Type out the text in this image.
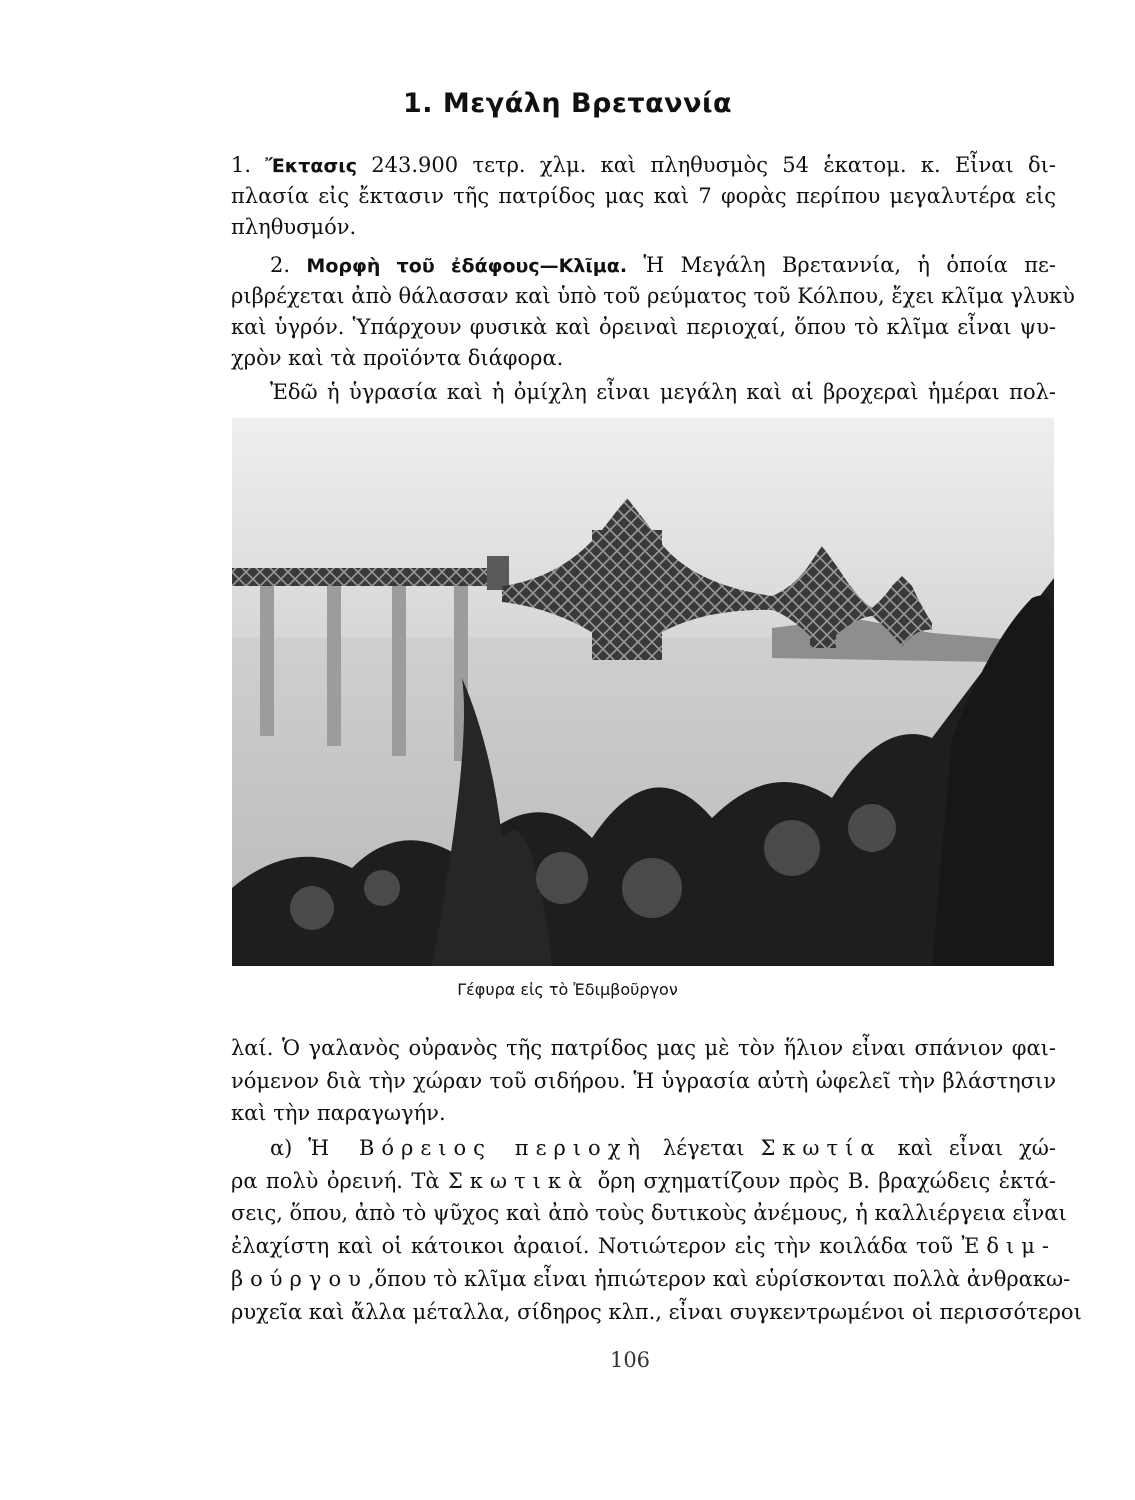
1. Μεγάλη Βρεταννία
1. Ἔκτασις 243.900 τετρ. χλμ. καὶ πληθυσμὸς 54 ἑκατομ. κ. Εἶναι δι-
πλασία εἰς ἔκτασιν τῆς πατρίδος μας καὶ 7 φορὰς περίπου μεγαλυτέρα εἰς
πληθυσμόν.
2. Μορφὴ τοῦ ἐδάφους—Κλῖμα. Ἡ Μεγάλη Βρεταννία, ἡ ὁποία πε-
ριβρέχεται ἀπὸ θάλασσαν καὶ ὑπὸ τοῦ ρεύματος τοῦ Κόλπου, ἔχει κλῖμα γλυκὺ
καὶ ὑγρόν. Ὑπάρχουν φυσικὰ καὶ ὀρειναὶ περιοχαί, ὅπου τὸ κλῖμα εἶναι ψυ-
χρὸν καὶ τὰ προϊόντα διάφορα.
Ἐδῶ ἡ ὑγρασία καὶ ἡ ὀμίχλη εἶναι μεγάλη καὶ αἱ βροχεραὶ ἡμέραι πολ-
Γέφυρα εἰς τὸ Ἐδιμβοῦργον
λαί. Ὁ γαλανὸς οὐρανὸς τῆς πατρίδος μας μὲ τὸν ἥλιον εἶναι σπάνιον φαι-
νόμενον διὰ τὴν χώραν τοῦ σιδήρου. Ἡ ὑγρασία αὐτὴ ὠφελεῖ τὴν βλάστησιν
καὶ τὴν παραγωγήν.
α) Ἡ Βόρειος περιοχὴ λέγεται Σκωτία καὶ εἶναι χώ-
ρα πολὺ ὀρεινή. Τὰ Σκωτικὰ ὄρη σχηματίζουν πρὸς Β. βραχώδεις ἐκτά-
σεις, ὅπου, ἀπὸ τὸ ψῦχος καὶ ἀπὸ τοὺς δυτικοὺς ἀνέμους, ἡ καλλιέργεια εἶναι
ἐλαχίστη καὶ οἱ κάτοικοι ἀραιοί. Νοτιώτερον εἰς τὴν κοιλάδα τοῦ Ἐδιμ-
βούργου,ὅπου τὸ κλῖμα εἶναι ἠπιώτερον καὶ εὑρίσκονται πολλὰ ἀνθρακω-
ρυχεῖα καὶ ἄλλα μέταλλα, σίδηρος κλπ., εἶναι συγκεντρωμένοι οἱ περισσότεροι
106
